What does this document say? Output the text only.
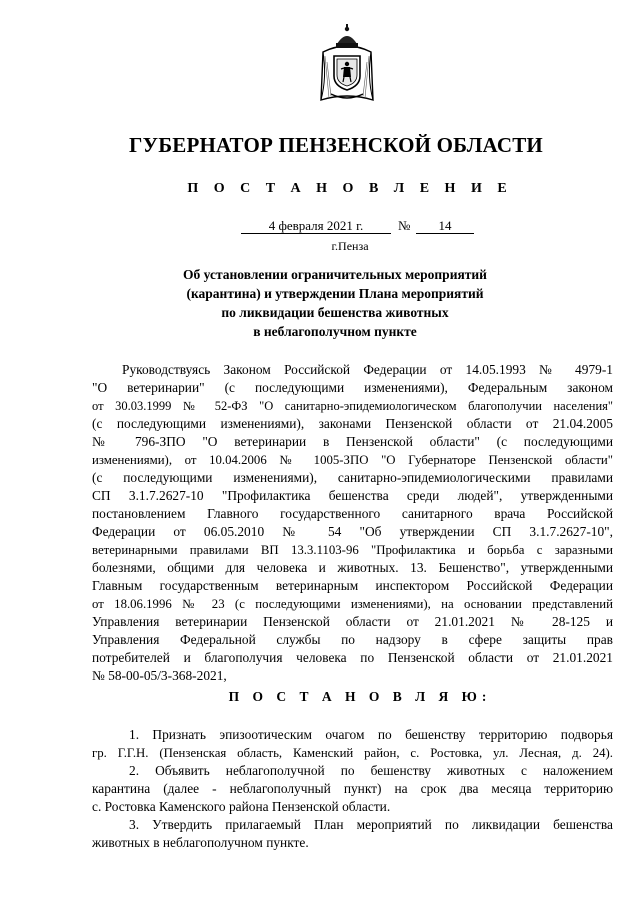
ГУБЕРНАТОР ПЕНЗЕНСКОЙ ОБЛАСТИ
П О С Т А Н О В Л Е Н И Е
4 февраля 2021 г.	№	14
г.Пенза
Об установлении ограничительных мероприятий
(карантина) и утверждении Плана мероприятий
по ликвидации бешенства животных
в неблагополучном пункте
Руководствуясь Законом Российской Федерации от 14.05.1993 № 4979-1
"О ветеринарии" (с последующими изменениями), Федеральным законом
от 30.03.1999 № 52-ФЗ "О санитарно-эпидемиологическом благополучии населения"
(с последующими изменениями), законами Пензенской области от 21.04.2005
№ 796-ЗПО "О ветеринарии в Пензенской области" (с последующими
изменениями), от 10.04.2006 № 1005-ЗПО "О Губернаторе Пензенской области"
(с последующими изменениями), санитарно-эпидемиологическими правилами
СП 3.1.7.2627-10 "Профилактика бешенства среди людей", утвержденными
постановлением Главного государственного санитарного врача Российской
Федерации от 06.05.2010 № 54 "Об утверждении СП 3.1.7.2627-10",
ветеринарными правилами ВП 13.3.1103-96 "Профилактика и борьба с заразными
болезнями, общими для человека и животных. 13. Бешенство", утвержденными
Главным государственным ветеринарным инспектором Российской Федерации
от 18.06.1996 № 23 (с последующими изменениями), на основании представлений
Управления ветеринарии Пензенской области от 21.01.2021 № 28-125 и
Управления Федеральной службы по надзору в сфере защиты прав
потребителей и благополучия человека по Пензенской области от 21.01.2021
№ 58-00-05/3-368-2021,
П О С Т А Н О В Л Я Ю:
1. Признать эпизоотическим очагом по бешенству территорию подворья
гр. Г.Г.Н. (Пензенская область, Каменский район, с. Ростовка, ул. Лесная, д. 24).
2. Объявить неблагополучной по бешенству животных с наложением
карантина (далее - неблагополучный пункт) на срок два месяца территорию
с. Ростовка Каменского района Пензенской области.
3. Утвердить прилагаемый План мероприятий по ликвидации бешенства
животных в неблагополучном пункте.
